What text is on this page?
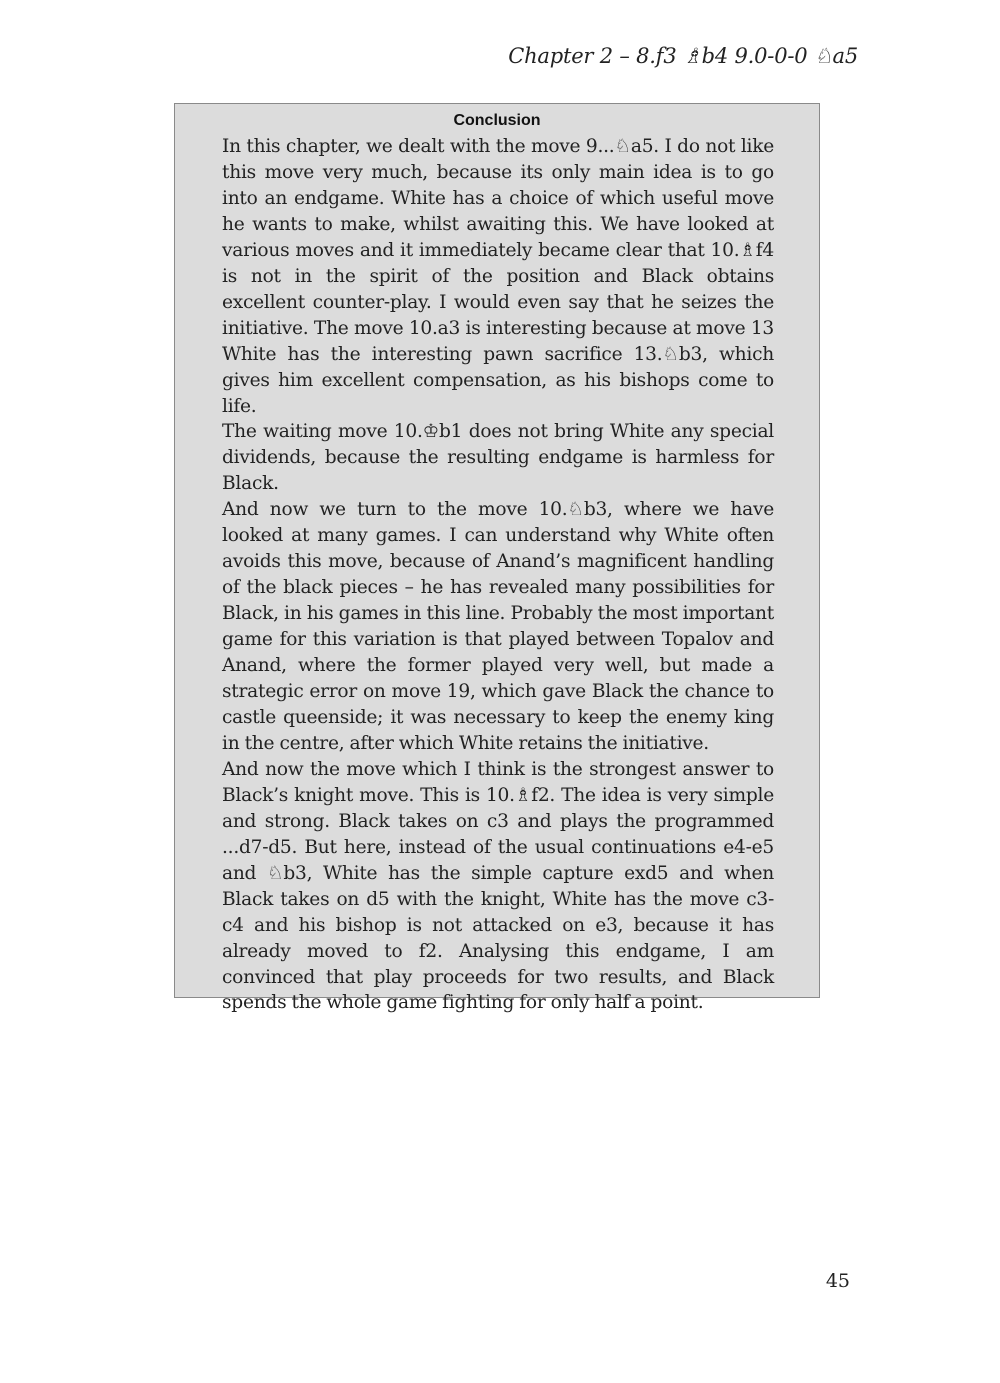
Chapter 2 – 8.f3 ♗b4 9.0-0-0 ♘a5
Conclusion

In this chapter, we dealt with the move 9...♘a5. I do not like this move very much, because its only main idea is to go into an endgame. White has a choice of which useful move he wants to make, whilst awaiting this. We have looked at various moves and it immediately became clear that 10.♗f4 is not in the spirit of the position and Black obtains excellent counter-play. I would even say that he seizes the initiative. The move 10.a3 is interesting because at move 13 White has the interesting pawn sacrifice 13.♘b3, which gives him excellent compensation, as his bishops come to life.

The waiting move 10.♔b1 does not bring White any special dividends, because the resulting endgame is harmless for Black.

And now we turn to the move 10.♘b3, where we have looked at many games. I can understand why White often avoids this move, because of Anand’s magnificent handling of the black pieces – he has revealed many possibilities for Black, in his games in this line. Probably the most important game for this variation is that played between Topalov and Anand, where the former played very well, but made a strategic error on move 19, which gave Black the chance to castle queenside; it was necessary to keep the enemy king in the centre, after which White retains the initiative.

And now the move which I think is the strongest answer to Black’s knight move. This is 10.♗f2. The idea is very simple and strong. Black takes on c3 and plays the programmed ...d7-d5. But here, instead of the usual continuations e4-e5 and ♘b3, White has the simple capture exd5 and when Black takes on d5 with the knight, White has the move c3-c4 and his bishop is not attacked on e3, because it has already moved to f2. Analysing this endgame, I am convinced that play proceeds for two results, and Black spends the whole game fighting for only half a point.

45
